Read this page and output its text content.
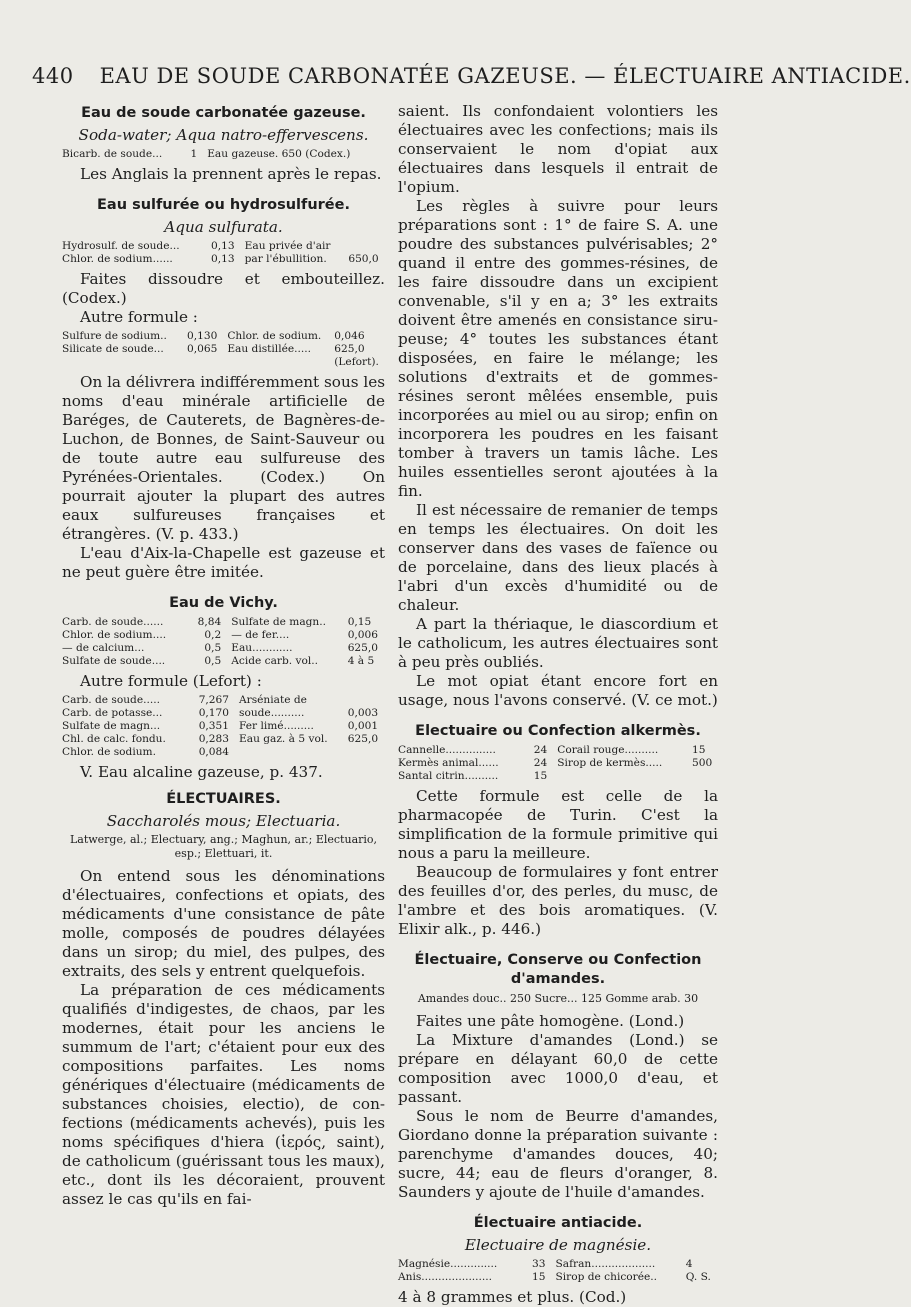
440 EAU DE SOUDE CARBONATÉE GAZEUSE. — ÉLECTUAIRE ANTIACIDE.
Eau de soude carbonatée gazeuse.
Soda-water; Aqua natro-effervescens.
Bicarb. de soude...	1	Eau gazeuse. 650 (Codex.)	

Les Anglais la prennent après le repas.

Eau sulfurée ou hydrosulfurée.
Aqua sulfurata.
Hydrosulf. de soude...	0,13	Eau privée d'air	
Chlor. de sodium......	0,13	par l'ébullition.	650,0

Faites dissoudre et embouteillez. (Codex.)

Autre formule :

Sulfure de sodium..	0,130	Chlor. de sodium.	0,046
Silicate de soude...	0,065	Eau distillée.....	625,0
			(Lefort).

On la délivrera indifféremment sous les noms d'eau minérale artificielle de Baréges, de Cauterets, de Bagnères-de-Luchon, de Bonnes, de Saint-Sauveur ou de toute autre eau sulfureuse des Pyrénées-Orientales. (Codex.) On pourrait ajouter la plupart des autres eaux sulfureuses françaises et étrangères. (V. p. 433.)

L'eau d'Aix-la-Chapelle est gazeuse et ne peut guère être imitée.

Eau de Vichy.
Carb. de soude......	8,84	Sulfate de magn..	0,15
Chlor. de sodium....	0,2	— de fer....	0,006
— de calcium...	0,5	Eau............	625,0
Sulfate de soude....	0,5	Acide carb. vol..	4 à 5

Autre formule (Lefort) :

Carb. de soude.....	7,267	Arséniate de	
Carb. de potasse...	0,170	soude..........	0,003
Sulfate de magn...	0,351	Fer limé.........	0,001
Chl. de calc. fondu.	0,283	Eau gaz. à 5 vol.	625,0
Chlor. de sodium.	0,084		

V. Eau alcaline gazeuse, p. 437.

ÉLECTUAIRES.
Saccharolés mous; Electuaria.
Latwerge, al.; Electuary, ang.; Maghun, ar.; Electuario, esp.; Elettuari, it.

On entend sous les dénominations d'électuaires, confections et opiats, des médicaments d'une consistance de pâte molle, composés de poudres délayées dans un sirop; du miel, des pulpes, des extraits, des sels y entrent quelquefois.

La préparation de ces médicaments qualifiés d'indigestes, de chaos, par les modernes, était pour les anciens le summum de l'art; c'étaient pour eux des compositions parfaites. Les noms génériques d'électuaire (médicaments de substances choisies, electio), de confections (médicaments achevés), puis les noms spécifiques d'hiera (ἱερός, saint), de catholicum (guérissant tous les maux), etc., dont ils les décoraient, prouvent assez le cas qu'ils en fai-

saient. Ils confondaient volontiers les électuaires avec les confections; mais ils conservaient le nom d'opiat aux électuaires dans lesquels il entrait de l'opium.

Les règles à suivre pour leurs préparations sont : 1° de faire S. A. une poudre des substances pulvérisables; 2° quand il entre des gommes-résines, de les faire dissoudre dans un excipient convenable, s'il y en a; 3° les extraits doivent être amenés en consistance sirupeuse; 4° toutes les substances étant disposées, en faire le mélange; les solutions d'extraits et de gommes-résines seront mêlées ensemble, puis incorporées au miel ou au sirop; enfin on incorporera les poudres en les faisant tomber à travers un tamis lâche. Les huiles essentielles seront ajoutées à la fin.

Il est nécessaire de remanier de temps en temps les électuaires. On doit les conserver dans des vases de faïence ou de porcelaine, dans des lieux placés à l'abri d'un excès d'humidité ou de chaleur.

A part la thériaque, le diascordium et le catholicum, les autres électuaires sont à peu près oubliés.

Le mot opiat étant encore fort en usage, nous l'avons conservé. (V. ce mot.)

Electuaire ou Confection alkermès.
Cannelle...............	24	Corail rouge..........	15
Kermès animal......	24	Sirop de kermès.....	500
Santal citrin..........	15		

Cette formule est celle de la pharmacopée de Turin. C'est la simplification de la formule primitive qui nous a paru la meilleure.

Beaucoup de formulaires y font entrer des feuilles d'or, des perles, du musc, de l'ambre et des bois aromatiques. (V. Elixir alk., p. 446.)

Électuaire, Conserve ou Confection d'amandes.
Amandes douc.. 250 Sucre... 125 Gomme arab. 30

Faites une pâte homogène. (Lond.)

La Mixture d'amandes (Lond.) se prépare en délayant 60,0 de cette composition avec 1000,0 d'eau, et passant.

Sous le nom de Beurre d'amandes, Giordano donne la préparation suivante : parenchyme d'amandes douces, 40; sucre, 44; eau de fleurs d'oranger, 8. Saunders y ajoute de l'huile d'amandes.

Électuaire antiacide.
Electuaire de magnésie.
Magnésie..............	33	Safran...................	4
Anis.....................	15	Sirop de chicorée..	Q. S.

4 à 8 grammes et plus. (Cod.)
